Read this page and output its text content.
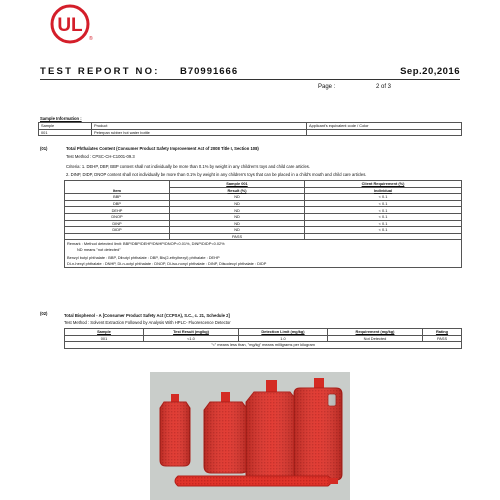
UL
®
TEST REPORT NO: B70991666	Sep.20,2016
Page :	2 of 3
Sample Information :
Sample	Product	Applicant's equivalent code / Color
001	Peterpan rubber hot water bottle	
(01)	Total Phthalates Content (Consumer Product Safety Improvement Act of 2008 Title I, Section 108)
Test Method : CPSC-CH-C1001-09.3
Criteria: 1. DEHP, DBP, BBP content shall not individually be more than 0.1% by weight in any children's toys and child care articles.
2. DINP, DIDP, DNOP content shall not individually be more than 0.1% by weight in any children's toys that can be placed in a child's mouth and child care articles.
	Sample 001	Client Requirement (%)
Item	Result (%)	Individual
BBP	ND	< 0.1
DBP	ND	< 0.1
DEHP	ND	< 0.1
DNOP	ND	< 0.1
DINP	ND	< 0.1
DIDP	ND	< 0.1
	PASS	

Remark : Method detected limit: BBP/DBP/DEHP/DNHP/DNOP<0.01%, DINP/DIDP<0.02%
ND means "not detected"
Benzyl butyl phthalate : BBP, Dibutyl phthalate : DBP, Bis(2-ethylhexyl) phthalate : DEHP
Di-n-hexyl phthalate : DNHP, Di-n-octyl phthalate : DNOP, Di-iso-nonyl phthalate : DINP, Diisodecyl phthalate : DIDP		
(02)	Total Bisphenol - A [Consumer Product Safety Act (CCPSA), S.C., c. 21, Schedule 2]
Test Method : Solvent Extraction Followed by Analysis With HPLC- Fluorescence Detector
Sample	Test Result (mg/kg)	Detection Limit (mg/kg)	Requirement (mg/kg)	Rating
001	<1.0	1.0	Not Detected	PASS
"<" means less than, "mg/kg" means milligrams per kilogram				
